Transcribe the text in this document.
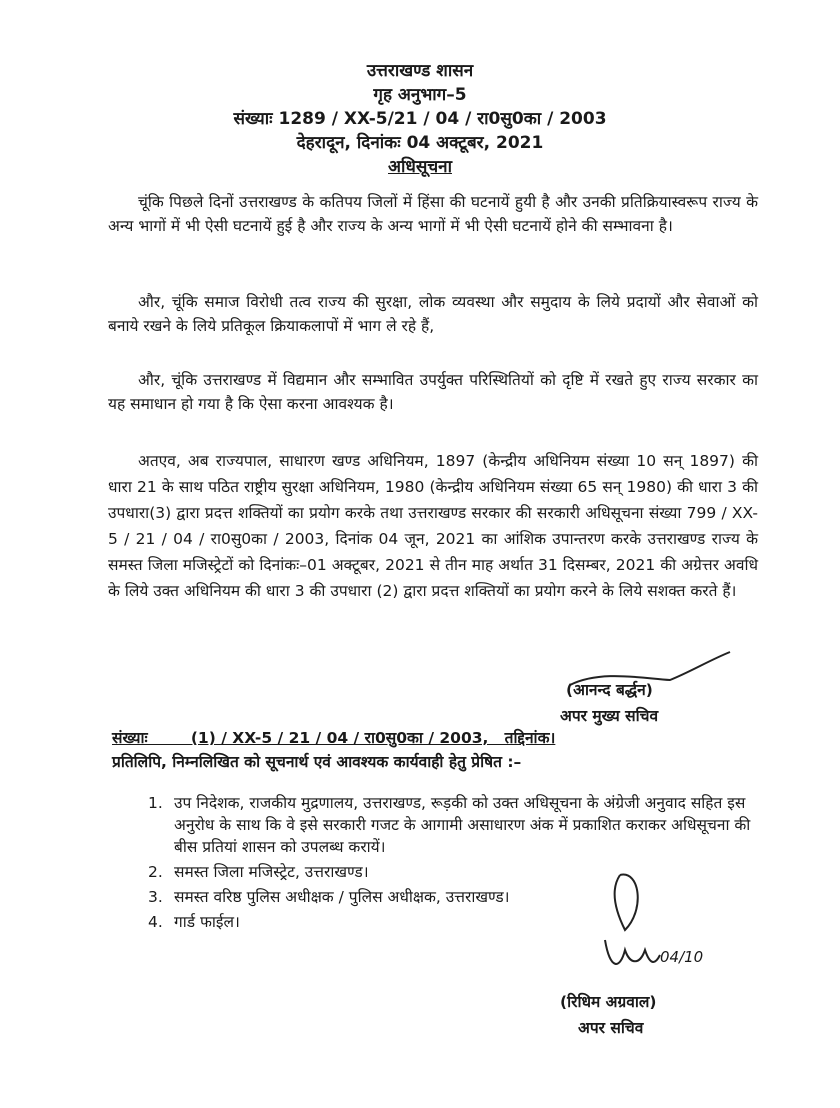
उत्तराखण्ड शासन
गृह अनुभाग–5
संख्याः 1289 / XX-5/21 / 04 / रा0सु0का / 2003
देहरादून, दिनांकः 04 अक्टूबर, 2021
अधिसूचना
चूंकि पिछले दिनों उत्तराखण्ड के कतिपय जिलों में हिंसा की घटनायें हुयी है और उनकी प्रतिक्रियास्वरूप राज्य के अन्य भागों में भी ऐसी घटनायें हुई है और राज्य के अन्य भागों में भी ऐसी घटनायें होने की सम्भावना है।
और, चूंकि समाज विरोधी तत्व राज्य की सुरक्षा, लोक व्यवस्था और समुदाय के लिये प्रदायों और सेवाओं को बनाये रखने के लिये प्रतिकूल क्रियाकलापों में भाग ले रहे हैं,
और, चूंकि उत्तराखण्ड में विद्यमान और सम्भावित उपर्युक्त परिस्थितियों को दृष्टि में रखते हुए राज्य सरकार का यह समाधान हो गया है कि ऐसा करना आवश्यक है।
अतएव, अब राज्यपाल, साधारण खण्ड अधिनियम, 1897 (केन्द्रीय अधिनियम संख्या 10 सन् 1897) की धारा 21 के साथ पठित राष्ट्रीय सुरक्षा अधिनियम, 1980 (केन्द्रीय अधिनियम संख्या 65 सन् 1980) की धारा 3 की उपधारा(3) द्वारा प्रदत्त शक्तियों का प्रयोग करके तथा उत्तराखण्ड सरकार की सरकारी अधिसूचना संख्या 799 / XX-5 / 21 / 04 / रा0सु0का / 2003, दिनांक 04 जून, 2021 का आंशिक उपान्तरण करके उत्तराखण्ड राज्य के समस्त जिला मजिस्ट्रेटों को दिनांकः–01 अक्टूबर, 2021 से तीन माह अर्थात 31 दिसम्बर, 2021 की अग्रेत्तर अवधि के लिये उक्त अधिनियम की धारा 3 की उपधारा (2) द्वारा प्रदत्त शक्तियों का प्रयोग करने के लिये सशक्त करते हैं।
(आनन्द बर्द्धन)
अपर मुख्य सचिव
संख्याः        (1) / XX-5 / 21 / 04 / रा0सु0का / 2003,   तद्दिनांक।
प्रतिलिपि, निम्नलिखित को सूचनार्थ एवं आवश्यक कार्यवाही हेतु प्रेषित :–
1. उप निदेशक, राजकीय मुद्रणालय, उत्तराखण्ड, रूड़की को उक्त अधिसूचना के अंग्रेजी अनुवाद सहित इस अनुरोध के साथ कि वे इसे सरकारी गजट के आगामी असाधारण अंक में प्रकाशित कराकर अधिसूचना की बीस प्रतियां शासन को उपलब्ध करायें।
2. समस्त जिला मजिस्ट्रेट, उत्तराखण्ड।
3. समस्त वरिष्ठ पुलिस अधीक्षक / पुलिस अधीक्षक, उत्तराखण्ड।
4. गार्ड फाईल।
04/10
(रिधिम अग्रवाल)
अपर सचिव
